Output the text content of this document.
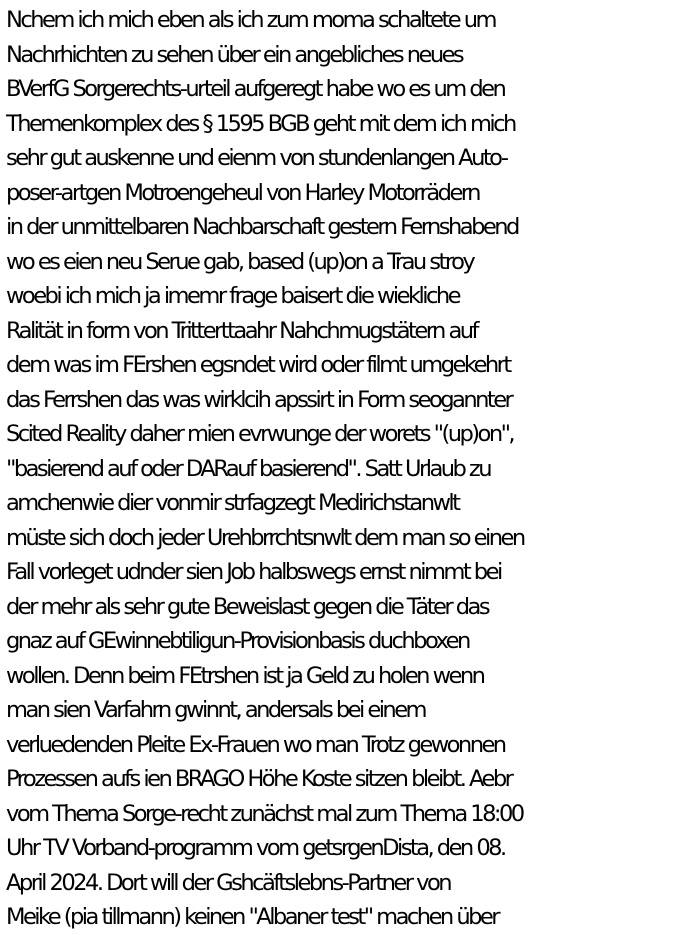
Nchem ich mich eben als ich zum moma schaltete um
Nachrhichten zu sehen über ein angebliches neues
BVerfG Sorgerechts-urteil aufgeregt habe wo es um den
Themenkomplex des § 1595 BGB geht mit dem ich mich
sehr gut auskenne und eienm von stundenlangen Auto-
poser-artgen Motroengeheul von Harley Motorrädern
in der unmittelbaren Nachbarschaft gestern Fernshabend
wo es eien neu Serue gab, based (up)on a Trau stroy
woebi ich mich ja imemr frage baisert die wiekliche
Ralität in form von Tritterttaahr Nahchmugstätern auf
dem was im FErshen egsndet wird oder filmt umgekehrt
das Ferrshen das was wirklcih apssirt in Form seogannter
Scited Reality daher mien evrwunge der worets "(up)on",
"basierend auf oder DARauf basierend". Satt Urlaub zu
amchenwie dier vonmir strfagzegt Medirichstanwlt
müste sich doch jeder Urehbrrchtsnwlt dem man so einen
Fall vorleget udnder sien Job halbswegs ernst nimmt bei
der mehr als sehr gute Beweislast gegen die Täter das
gnaz auf GEwinnebtiligun-Provisionbasis duchboxen
wollen. Denn beim FEtrshen ist ja Geld zu holen wenn
man sien Varfahrn gwinnt, andersals bei einem
verluedenden Pleite Ex-Frauen wo man Trotz gewonnen
Prozessen aufs ien BRAGO Höhe Koste sitzen bleibt. Aebr
vom Thema Sorge-recht zunächst mal zum Thema 18:00
Uhr TV Vorband-programm vom getsrgenDista, den 08.
April 2024. Dort will der Gshcäftslebns-Partner von
Meike (pia tillmann) keinen "Albaner test" machen über
